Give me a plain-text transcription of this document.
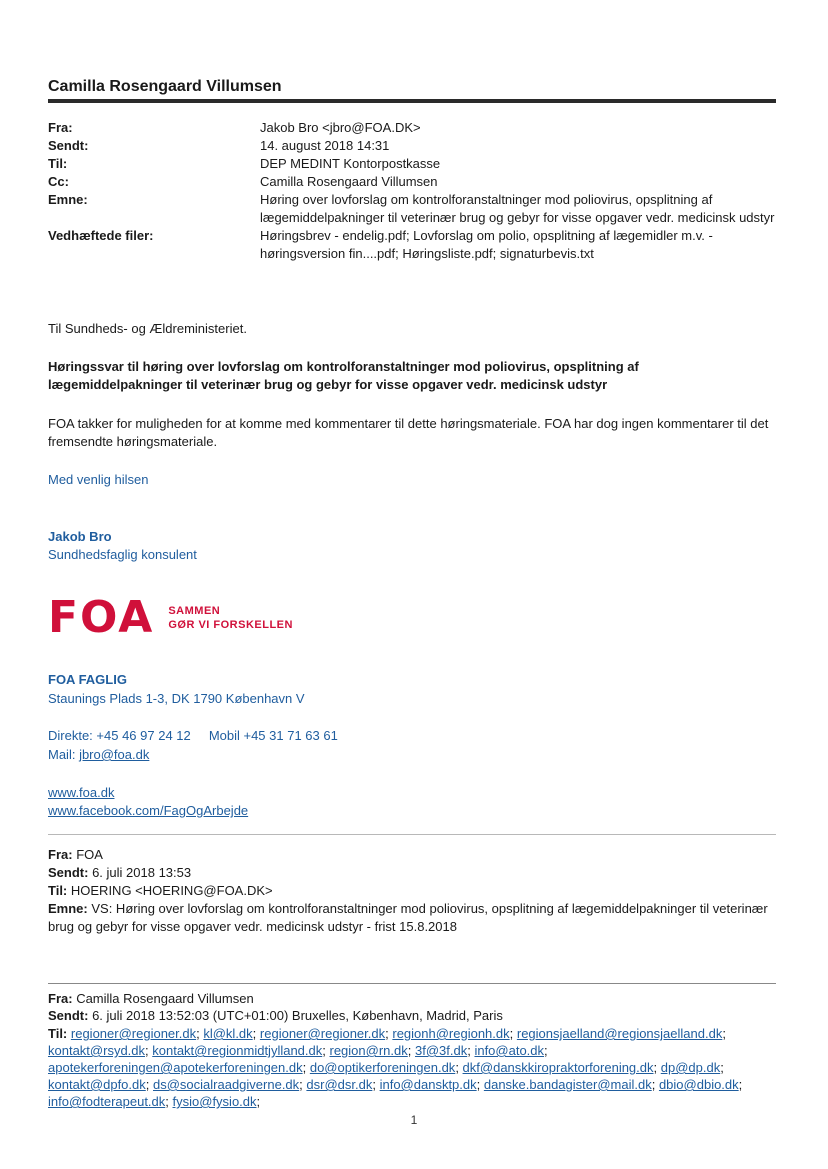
Camilla Rosengaard Villumsen
Fra:	Jakob Bro <jbro@FOA.DK>
Sendt:	14. august 2018 14:31
Til:	DEP MEDINT Kontorpostkasse
Cc:	Camilla Rosengaard Villumsen
Emne:	Høring over lovforslag om kontrolforanstaltninger mod poliovirus, opsplitning af lægemiddelpakninger til veterinær brug og gebyr for visse opgaver vedr. medicinsk udstyr
Vedhæftede filer:	Høringsbrev - endelig.pdf; Lovforslag om polio, opsplitning af lægemidler m.v. - høringsversion fin....pdf; Høringsliste.pdf; signaturbevis.txt
Til Sundheds- og Ældreministeriet.
Høringssvar til høring over lovforslag om kontrolforanstaltninger mod poliovirus, opsplitning af lægemiddelpakninger til veterinær brug og gebyr for visse opgaver vedr. medicinsk udstyr
FOA takker for muligheden for at komme med kommentarer til dette høringsmateriale. FOA har dog ingen kommentarer til det fremsendte høringsmateriale.
Med venlig hilsen
Jakob Bro
Sundhedsfaglig konsulent
FOA SAMMEN
GØR VI FORSKELLEN
FOA FAGLIG
Staunings Plads 1-3, DK 1790 København V
Direkte: +45 46 97 24 12 Mobil +45 31 71 63 61
Mail: jbro@foa.dk
www.foa.dk
www.facebook.com/FagOgArbejde
Fra: FOA
Sendt: 6. juli 2018 13:53
Til: HOERING <HOERING@FOA.DK>
Emne: VS: Høring over lovforslag om kontrolforanstaltninger mod poliovirus, opsplitning af lægemiddelpakninger til veterinær brug og gebyr for visse opgaver vedr. medicinsk udstyr - frist 15.8.2018
Fra: Camilla Rosengaard Villumsen
Sendt: 6. juli 2018 13:52:03 (UTC+01:00) Bruxelles, København, Madrid, Paris
Til: regioner@regioner.dk; kl@kl.dk; regioner@regioner.dk; regionh@regionh.dk; regionsjaelland@regionsjaelland.dk; kontakt@rsyd.dk; kontakt@regionmidtjylland.dk; region@rn.dk; 3f@3f.dk; info@ato.dk; apotekerforeningen@apotekerforeningen.dk; do@optikerforeningen.dk; dkf@danskkiropraktorforening.dk; dp@dp.dk; kontakt@dpfo.dk; ds@socialraadgiverne.dk; dsr@dsr.dk; info@dansktp.dk; danske.bandagister@mail.dk; dbio@dbio.dk; info@fodterapeut.dk; fysio@fysio.dk;
1
